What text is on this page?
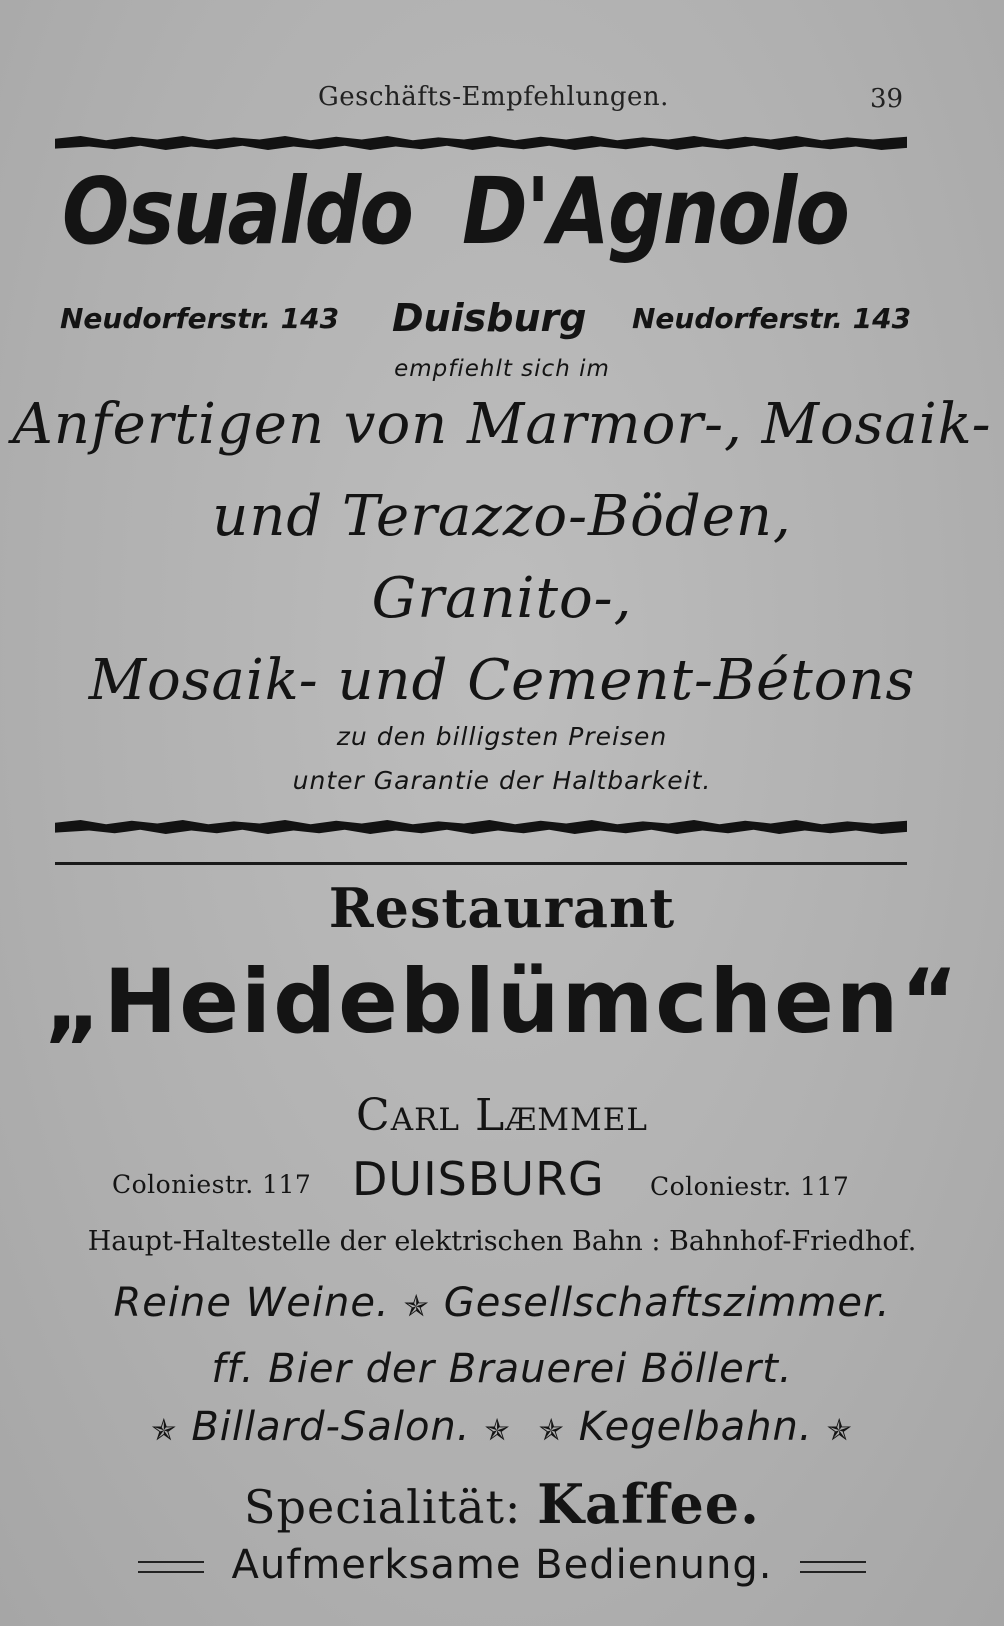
Geschäfts-Empfehlungen.	39
Osualdo D'Agnolo
Neudorferstr. 143 Duisburg Neudorferstr. 143
empfiehlt sich im
Anfertigen von Marmor-, Mosaik-
und Terazzo-Böden,
Granito-,
Mosaik- und Cement-Bétons
zu den billigsten Preisen
unter Garantie der Haltbarkeit.
Restaurant
„Heideblümchen“
Carl Læmmel
Coloniestr. 117 DUISBURG Coloniestr. 117
Haupt-Haltestelle der elektrischen Bahn : Bahnhof-Friedhof.
Reine Weine. ✯ Gesellschaftszimmer.
ff. Bier der Brauerei Böllert.
✯ Billard-Salon. ✯ ✯ Kegelbahn. ✯
Specialität: Kaffee.
Aufmerksame Bedienung.
